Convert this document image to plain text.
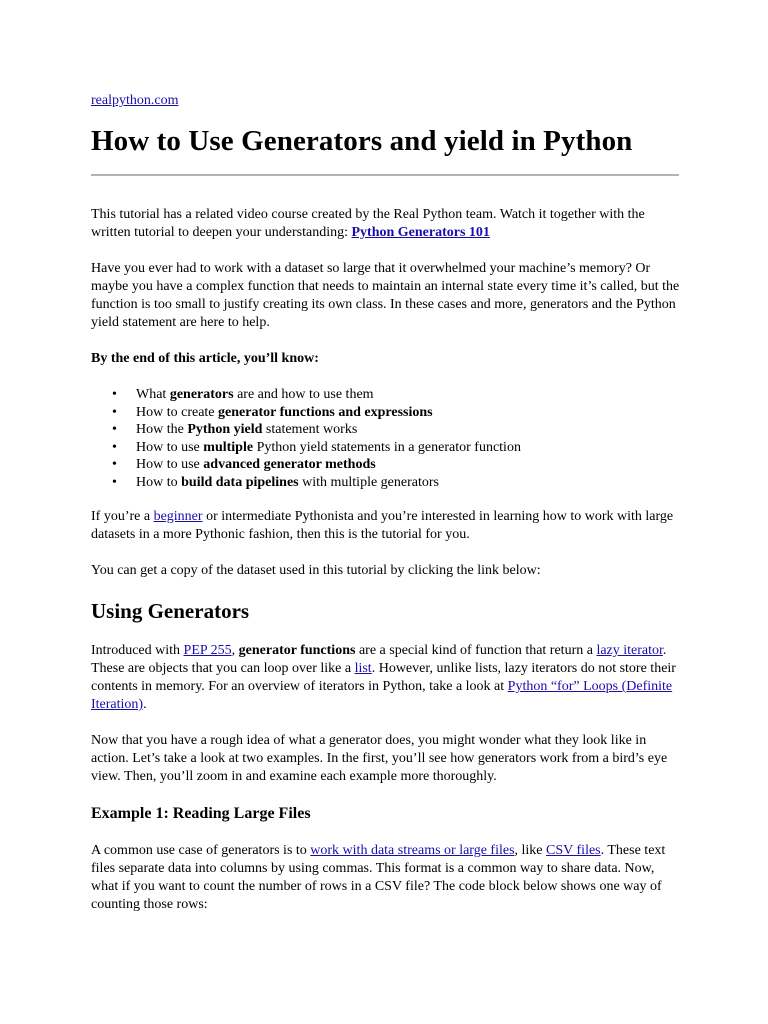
realpython.com
How to Use Generators and yield in Python

This tutorial has a related video course created by the Real Python team. Watch it together with the written tutorial to deepen your understanding: Python Generators 101

Have you ever had to work with a dataset so large that it overwhelmed your machine’s memory? Or maybe you have a complex function that needs to maintain an internal state every time it’s called, but the function is too small to justify creating its own class. In these cases and more, generators and the Python yield statement are here to help.

By the end of this article, you’ll know:

• What generators are and how to use them
• How to create generator functions and expressions
• How the Python yield statement works
• How to use multiple Python yield statements in a generator function
• How to use advanced generator methods
• How to build data pipelines with multiple generators

If you’re a beginner or intermediate Pythonista and you’re interested in learning how to work with large datasets in a more Pythonic fashion, then this is the tutorial for you.

You can get a copy of the dataset used in this tutorial by clicking the link below:

Using Generators

Introduced with PEP 255, generator functions are a special kind of function that return a lazy iterator. These are objects that you can loop over like a list. However, unlike lists, lazy iterators do not store their contents in memory. For an overview of iterators in Python, take a look at Python “for” Loops (Definite Iteration).

Now that you have a rough idea of what a generator does, you might wonder what they look like in action. Let’s take a look at two examples. In the first, you’ll see how generators work from a bird’s eye view. Then, you’ll zoom in and examine each example more thoroughly.

Example 1: Reading Large Files

A common use case of generators is to work with data streams or large files, like CSV files. These text files separate data into columns by using commas. This format is a common way to share data. Now, what if you want to count the number of rows in a CSV file? The code block below shows one way of counting those rows:
